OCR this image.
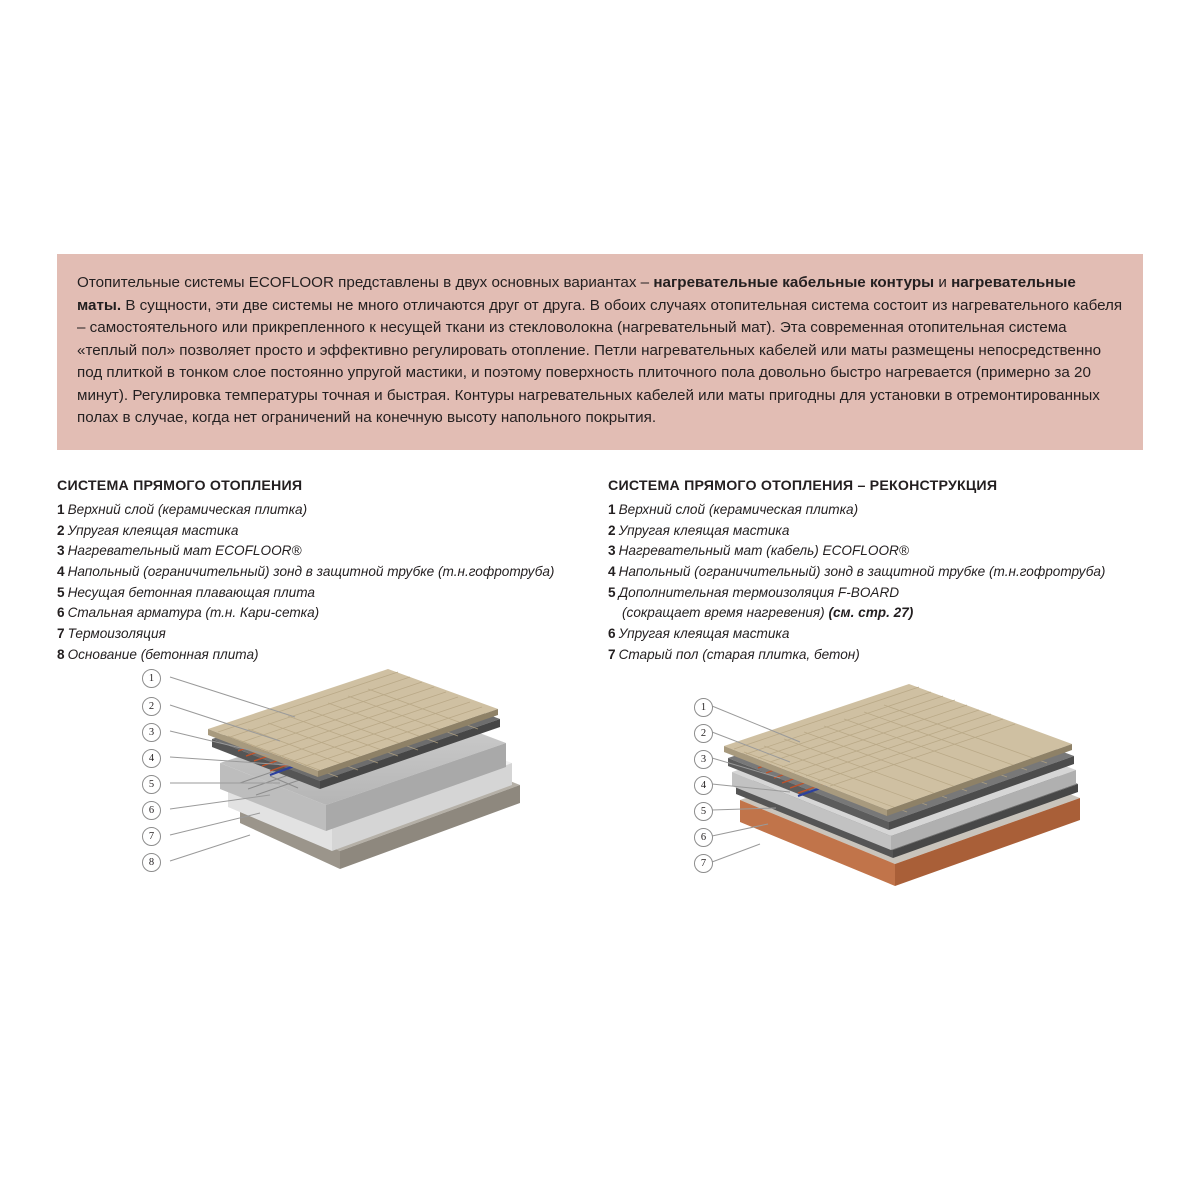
Отопительные системы ECOFLOOR представлены в двух основных вариантах – нагревательные кабельные контуры и нагревательные маты. В сущности, эти две системы не много отличаются друг от друга. В обоих случаях отопительная система состоит из нагревательного кабеля – самостоятельного или прикрепленного к несущей ткани из стекловолокна (нагревательный мат). Эта современная отопительная система «теплый пол» позволяет просто и эффективно регулировать отопление. Петли нагревательных кабелей или маты размещены непосредственно под плиткой в тонком слое постоянно упругой мастики, и поэтому поверхность плиточного пола довольно быстро нагревается (примерно за 20 минут). Регулировка температуры точная и быстрая. Контуры нагревательных кабелей или маты пригодны для установки в отремонтированных полах в случае, когда нет ограничений на конечную высоту напольного покрытия.

СИСТЕМА ПРЯМОГО ОТОПЛЕНИЯ
1 Верхний слой (керамическая плитка)
2 Упругая клеящая мастика
3 Нагревательный мат ECOFLOOR®
4 Напольный (ограничительный) зонд в защитной трубке (т.н.гофротруба)
5 Несущая бетонная плавающая плита
6 Стальная арматура (т.н. Кари-сетка)
7 Термоизоляция
8 Основание (бетонная плита)
СИСТЕМА ПРЯМОГО ОТОПЛЕНИЯ – РЕКОНСТРУКЦИЯ
1 Верхний слой (керамическая плитка)
2 Упругая клеящая мастика
3 Нагревательный мат (кабель) ECOFLOOR®
4 Напольный (ограничительный) зонд в защитной трубке (т.н.гофротруба)
5 Дополнительная термоизоляция F-BOARD
(сокращает время нагревения) (см. стр. 27)
6 Упругая клеящая мастика
7 Старый пол (старая плитка, бетон)
1
2
3
4
5
6
7
8
1
2
3
4
5
6
7
